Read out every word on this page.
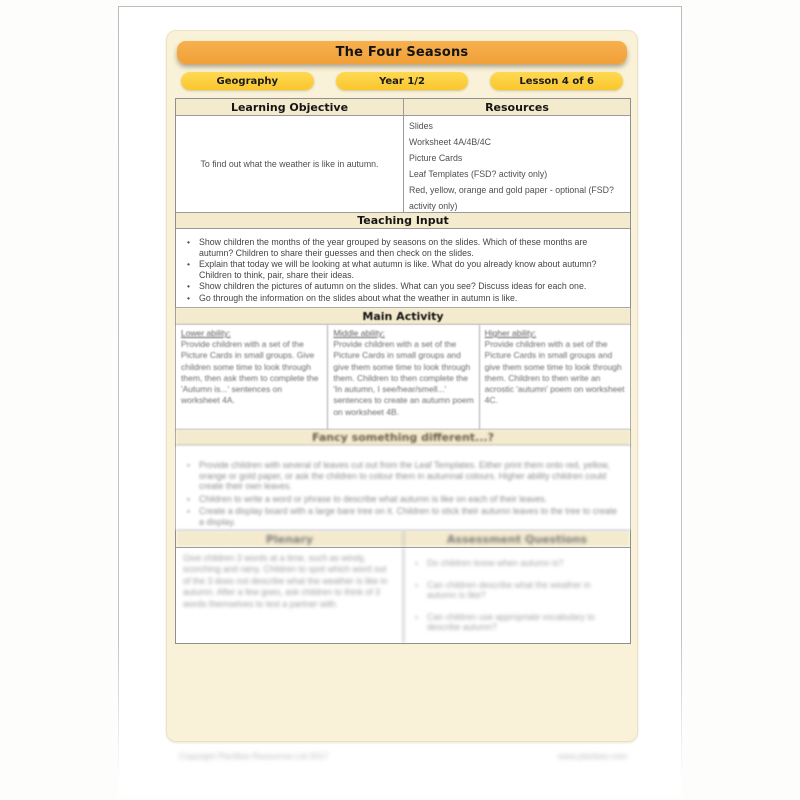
The Four Seasons
Geography	Year 1/2	Lesson 4 of 6
Learning Objective	Resources
To find out what the weather is like in autumn.
Slides
Worksheet 4A/4B/4C
Picture Cards
Leaf Templates (FSD? activity only)
Red, yellow, orange and gold paper - optional (FSD? activity only)
Teaching Input
• Show children the months of the year grouped by seasons on the slides. Which of these months are autumn? Children to share their guesses and then check on the slides.
• Explain that today we will be looking at what autumn is like. What do you already know about autumn? Children to think, pair, share their ideas.
• Show children the pictures of autumn on the slides. What can you see? Discuss ideas for each one.
• Go through the information on the slides about what the weather in autumn is like.
Main Activity
Lower ability:
Provide children with a set of the Picture Cards in small groups. Give children some time to look through them, then ask them to complete the 'Autumn is...' sentences on worksheet 4A.
Middle ability:
Provide children with a set of the Picture Cards in small groups and give them some time to look through them. Children to then complete the 'In autumn, I see/hear/smell...' sentences to create an autumn poem on worksheet 4B.
Higher ability:
Provide children with a set of the Picture Cards in small groups and give them some time to look through them. Children to then write an acrostic 'autumn' poem on worksheet 4C.
Fancy something different...?
• Provide children with several of leaves cut out from the Leaf Templates. Either print them onto red, yellow, orange or gold paper, or ask the children to colour them in autumnal colours. Higher ability children could create their own leaves.
• Children to write a word or phrase to describe what autumn is like on each of their leaves.
• Create a display board with a large bare tree on it. Children to stick their autumn leaves to the tree to create a display.
Plenary	Assessment Questions
Give children 3 words at a time, such as windy, scorching and rainy. Children to spot which word out of the 3 does not describe what the weather is like in autumn. After a few goes, ask children to think of 3 words themselves to test a partner with.
• Do children know when autumn is?
• Can children describe what the weather in autumn is like?
• Can children use appropriate vocabulary to describe autumn?
Copyright PlanBee Resources Ltd 2017	www.planbee.com
